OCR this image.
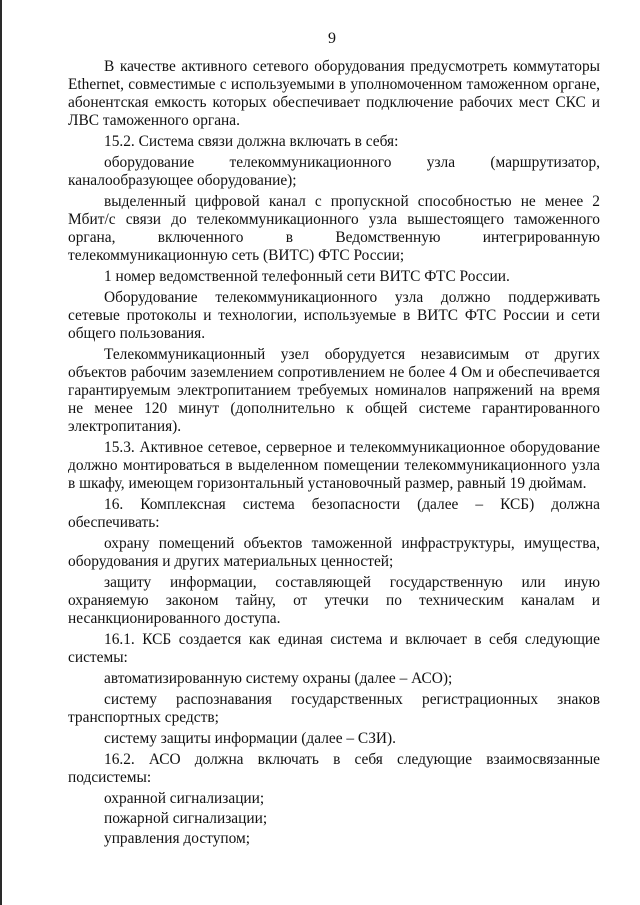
9

В качестве активного сетевого оборудования предусмотреть коммутаторы Ethernet, совместимые с используемыми в уполномоченном таможенном органе, абонентская емкость которых обеспечивает подключение рабочих мест СКС и ЛВС таможенного органа.

15.2. Система связи должна включать в себя:

оборудование телекоммуникационного узла (маршрутизатор, каналообразующее оборудование);

выделенный цифровой канал с пропускной способностью не менее 2 Мбит/с связи до телекоммуникационного узла вышестоящего таможенного органа, включенного в Ведомственную интегрированную телекоммуникационную сеть (ВИТС) ФТС России;

1 номер ведомственной телефонный сети ВИТС ФТС России.

Оборудование телекоммуникационного узла должно поддерживать сетевые протоколы и технологии, используемые в ВИТС ФТС России и сети общего пользования.

Телекоммуникационный узел оборудуется независимым от других объектов рабочим заземлением сопротивлением не более 4 Ом и обеспечивается гарантируемым электропитанием требуемых номиналов напряжений на время не менее 120 минут (дополнительно к общей системе гарантированного электропитания).

15.3. Активное сетевое, серверное и телекоммуникационное оборудование должно монтироваться в выделенном помещении телекоммуникационного узла в шкафу, имеющем горизонтальный установочный размер, равный 19 дюймам.

16. Комплексная система безопасности (далее – КСБ) должна обеспечивать:

охрану помещений объектов таможенной инфраструктуры, имущества, оборудования и других материальных ценностей;

защиту информации, составляющей государственную или иную охраняемую законом тайну, от утечки по техническим каналам и несанкционированного доступа.

16.1. КСБ создается как единая система и включает в себя следующие системы:

автоматизированную систему охраны (далее – АСО);

систему распознавания государственных регистрационных знаков транспортных средств;

систему защиты информации (далее – СЗИ).

16.2. АСО должна включать в себя следующие взаимосвязанные подсистемы:

охранной сигнализации;

пожарной сигнализации;

управления доступом;
